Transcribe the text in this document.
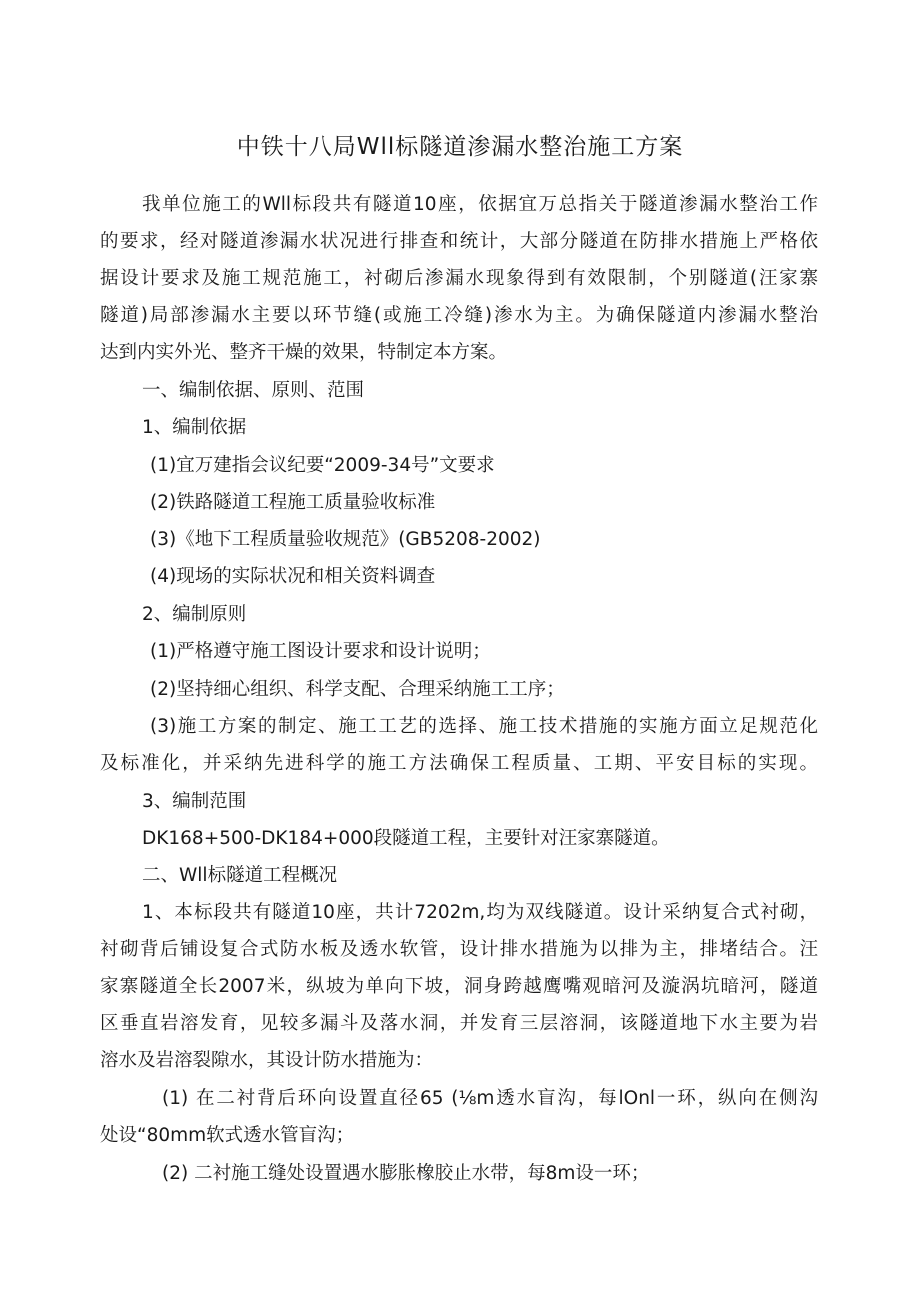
中铁十八局Wll标隧道渗漏水整治施工方案
我单位施工的Wll标段共有隧道10座，依据宜万总指关于隧道渗漏水整治工作
的要求，经对隧道渗漏水状况进行排查和统计，大部分隧道在防排水措施上严格依
据设计要求及施工规范施工，衬砌后渗漏水现象得到有效限制，个别隧道(汪家寨
隧道)局部渗漏水主要以环节缝(或施工冷缝)渗水为主。为确保隧道内渗漏水整治
达到内实外光、整齐干燥的效果，特制定本方案。
一、编制依据、原则、范围
1、编制依据
(1)宜万建指会议纪要“2009-34号”文要求
(2)铁路隧道工程施工质量验收标准
(3)《地下工程质量验收规范》(GB5208-2002)
(4)现场的实际状况和相关资料调查
2、编制原则
(1)严格遵守施工图设计要求和设计说明；
(2)坚持细心组织、科学支配、合理采纳施工工序；
(3)施工方案的制定、施工工艺的选择、施工技术措施的实施方面立足规范化
及标准化，并采纳先进科学的施工方法确保工程质量、工期、平安目标的实现。
3、编制范围
DK168+500-DK184+000段隧道工程，主要针对汪家寨隧道。
二、Wll标隧道工程概况
1、本标段共有隧道10座，共计7202m,均为双线隧道。设计采纳复合式衬砌，
衬砌背后铺设复合式防水板及透水软管，设计排水措施为以排为主，排堵结合。汪
家寨隧道全长2007米，纵坡为单向下坡，洞身跨越鹰嘴观暗河及漩涡坑暗河，隧道
区垂直岩溶发育，见较多漏斗及落水洞，并发育三层溶洞，该隧道地下水主要为岩
溶水及岩溶裂隙水，其设计防水措施为：
(1) 在二衬背后环向设置直径65 (⅛m透水盲沟，每lOnl一环，纵向在侧沟
处设“80mm软式透水管盲沟；
(2) 二衬施工缝处设置遇水膨胀橡胶止水带，每8m设一环；
